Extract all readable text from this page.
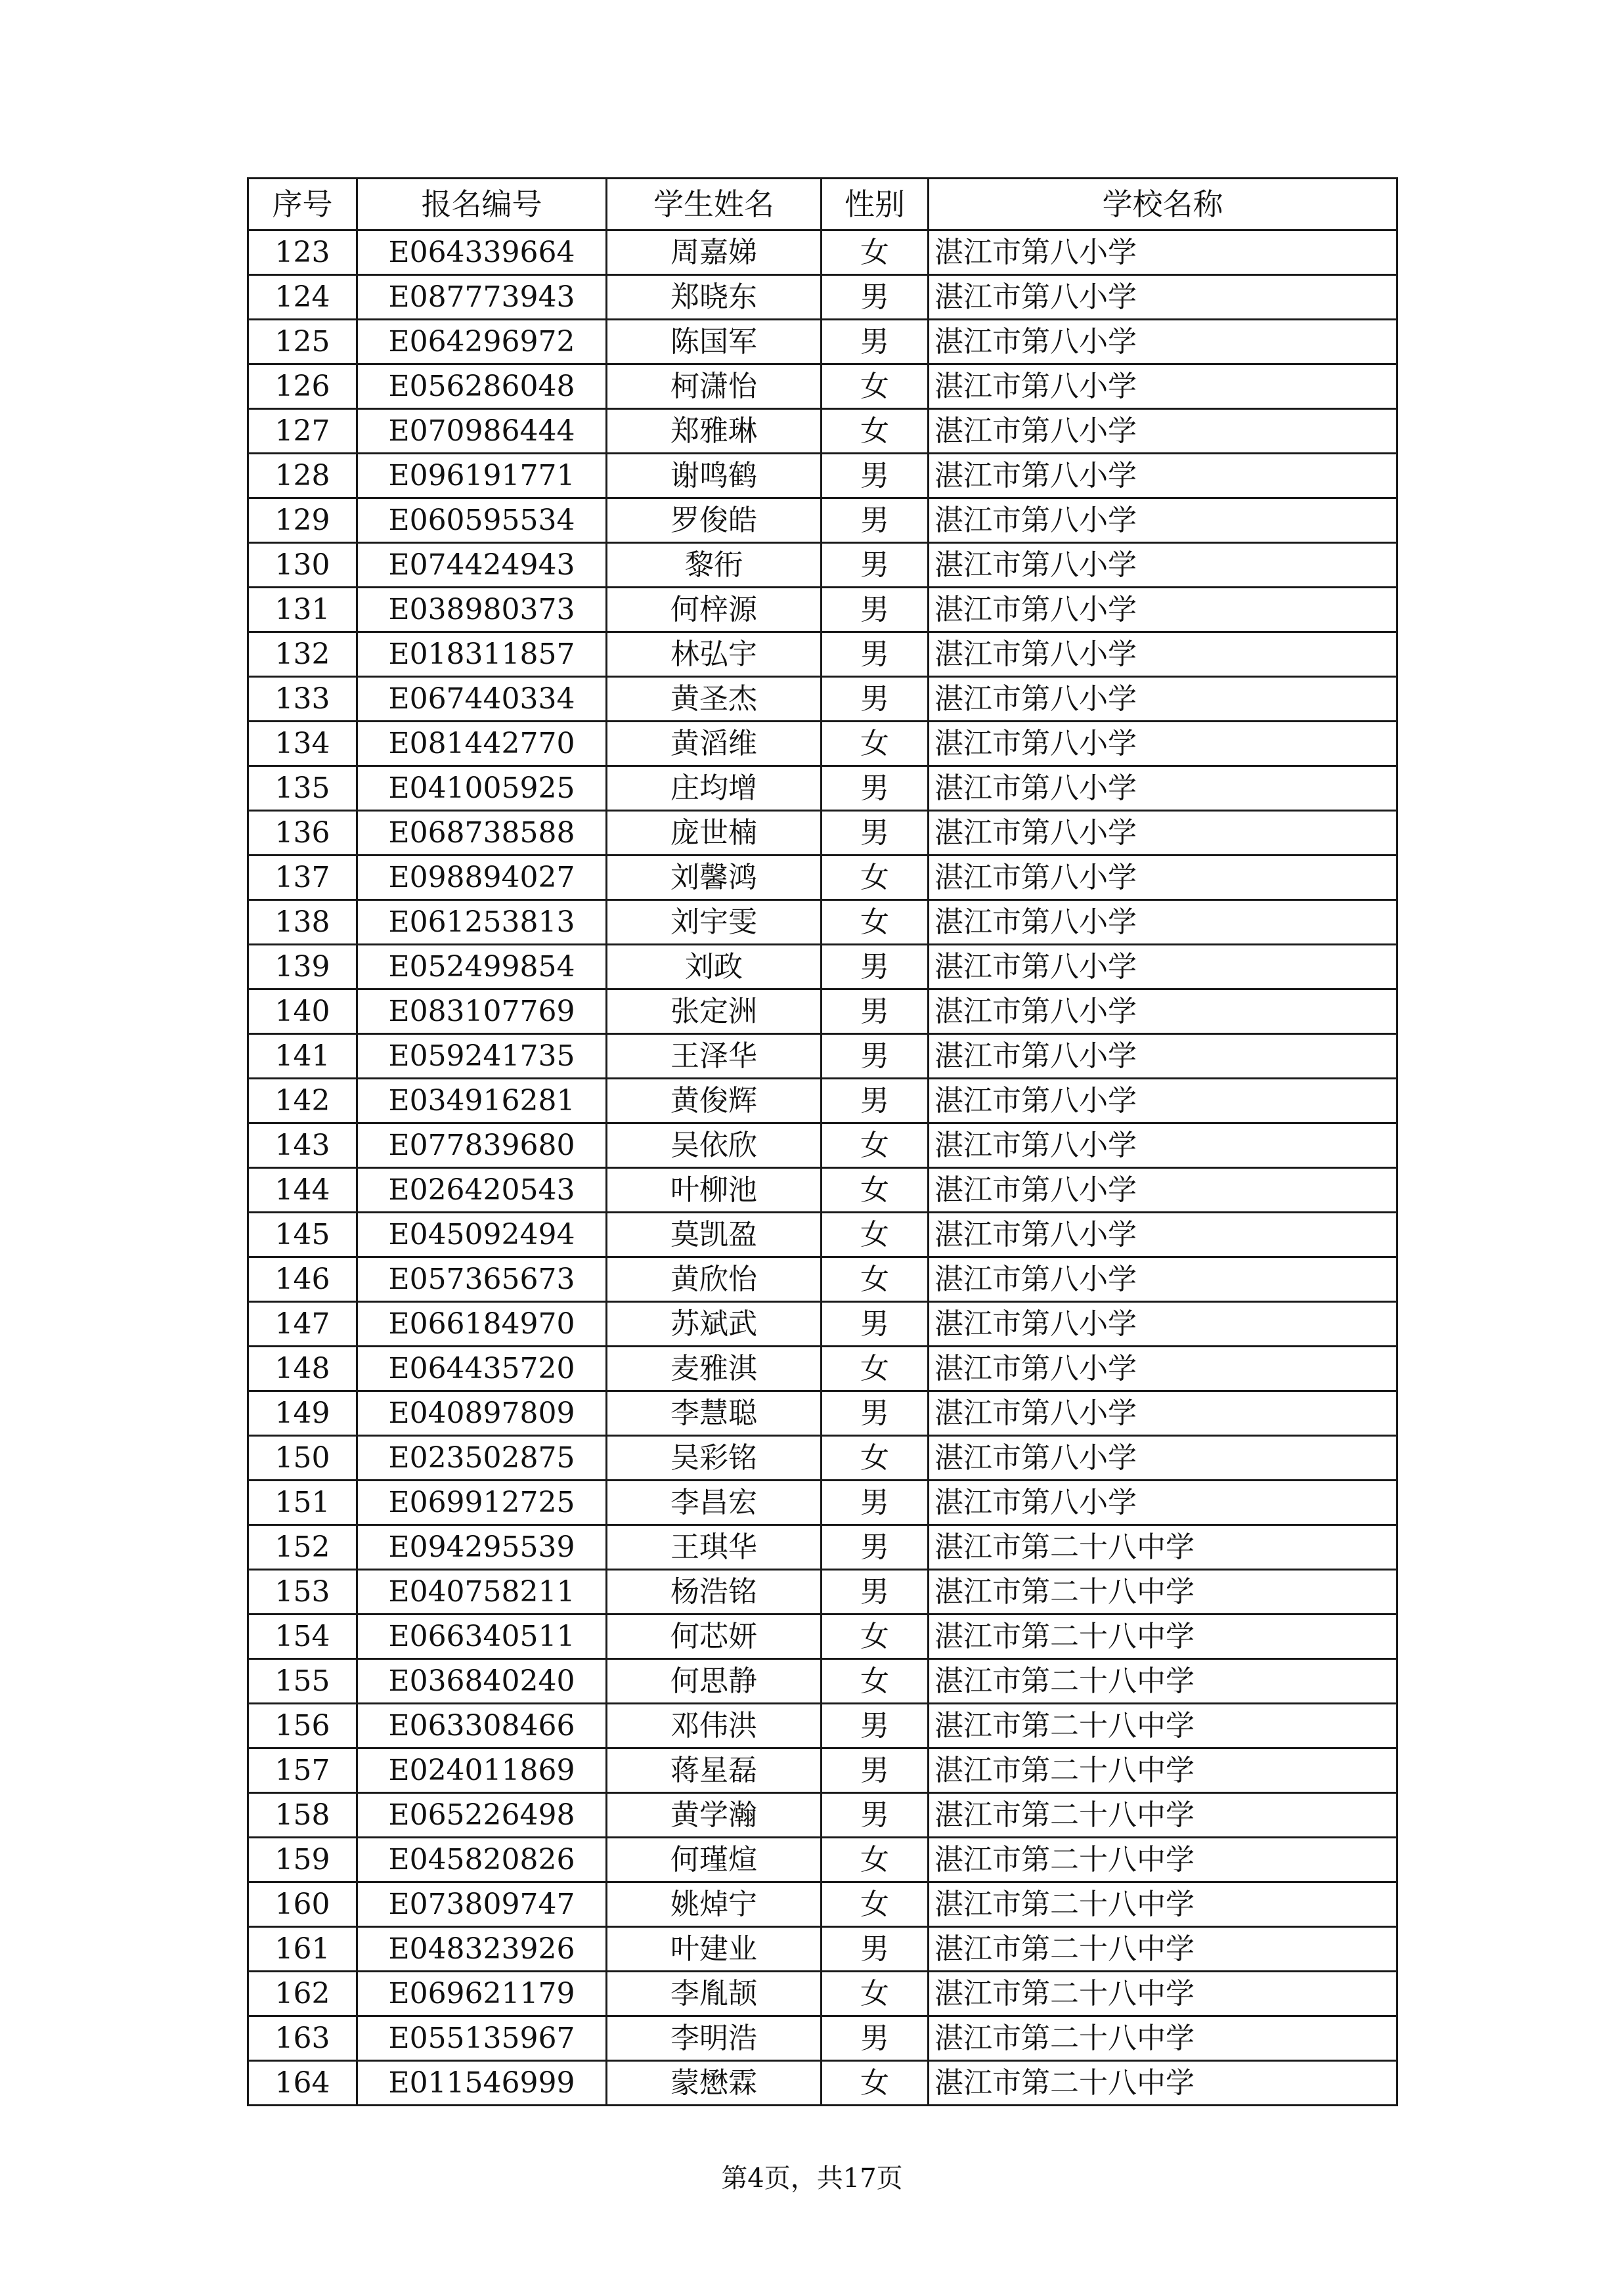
序号	报名编号	学生姓名	性别	学校名称
123	E064339664	周嘉娣	女	湛江市第八小学
124	E087773943	郑晓东	男	湛江市第八小学
125	E064296972	陈国军	男	湛江市第八小学
126	E056286048	柯潇怡	女	湛江市第八小学
127	E070986444	郑雅琳	女	湛江市第八小学
128	E096191771	谢鸣鹤	男	湛江市第八小学
129	E060595534	罗俊皓	男	湛江市第八小学
130	E074424943	黎衎	男	湛江市第八小学
131	E038980373	何梓源	男	湛江市第八小学
132	E018311857	林弘宇	男	湛江市第八小学
133	E067440334	黄圣杰	男	湛江市第八小学
134	E081442770	黄滔维	女	湛江市第八小学
135	E041005925	庄均增	男	湛江市第八小学
136	E068738588	庞世楠	男	湛江市第八小学
137	E098894027	刘馨鸿	女	湛江市第八小学
138	E061253813	刘宇雯	女	湛江市第八小学
139	E052499854	刘政	男	湛江市第八小学
140	E083107769	张定洲	男	湛江市第八小学
141	E059241735	王泽华	男	湛江市第八小学
142	E034916281	黄俊辉	男	湛江市第八小学
143	E077839680	吴依欣	女	湛江市第八小学
144	E026420543	叶柳池	女	湛江市第八小学
145	E045092494	莫凯盈	女	湛江市第八小学
146	E057365673	黄欣怡	女	湛江市第八小学
147	E066184970	苏斌武	男	湛江市第八小学
148	E064435720	麦雅淇	女	湛江市第八小学
149	E040897809	李慧聪	男	湛江市第八小学
150	E023502875	吴彩铭	女	湛江市第八小学
151	E069912725	李昌宏	男	湛江市第八小学
152	E094295539	王琪华	男	湛江市第二十八中学
153	E040758211	杨浩铭	男	湛江市第二十八中学
154	E066340511	何芯妍	女	湛江市第二十八中学
155	E036840240	何思静	女	湛江市第二十八中学
156	E063308466	邓伟洪	男	湛江市第二十八中学
157	E024011869	蒋星磊	男	湛江市第二十八中学
158	E065226498	黄学瀚	男	湛江市第二十八中学
159	E045820826	何瑾煊	女	湛江市第二十八中学
160	E073809747	姚焯宁	女	湛江市第二十八中学
161	E048323926	叶建业	男	湛江市第二十八中学
162	E069621179	李胤颉	女	湛江市第二十八中学
163	E055135967	李明浩	男	湛江市第二十八中学
164	E011546999	蒙懋霖	女	湛江市第二十八中学
第4页，共17页
